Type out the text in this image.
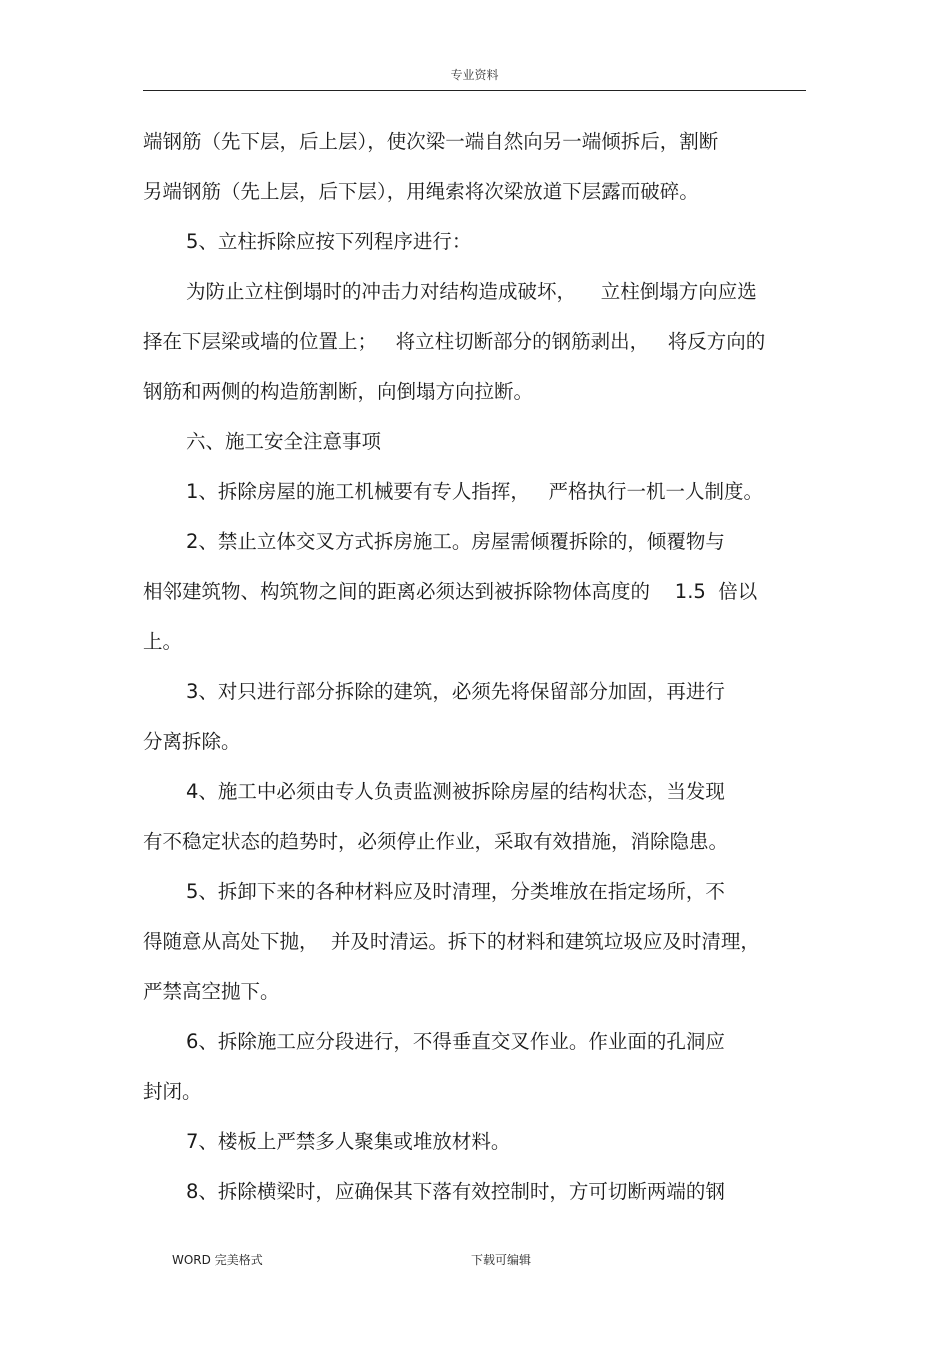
专业资料
端钢筋（先下层，后上层），使次梁一端自然向另一端倾拆后，割断
另端钢筋（先上层，后下层），用绳索将次梁放道下层露而破碎。
5、立柱拆除应按下列程序进行：
为防止立柱倒塌时的冲击力对结构造成破坏，    立柱倒塌方向应选
择在下层梁或墙的位置上；   将立柱切断部分的钢筋剥出，   将反方向的
钢筋和两侧的构造筋割断，向倒塌方向拉断。
六、施工安全注意事项
1、拆除房屋的施工机械要有专人指挥，   严格执行一机一人制度。
2、禁止立体交叉方式拆房施工。房屋需倾覆拆除的，倾覆物与
相邻建筑物、构筑物之间的距离必须达到被拆除物体高度的    1.5  倍以
上。
3、对只进行部分拆除的建筑，必须先将保留部分加固，再进行
分离拆除。
4、施工中必须由专人负责监测被拆除房屋的结构状态，当发现
有不稳定状态的趋势时，必须停止作业，采取有效措施，消除隐患。
5、拆卸下来的各种材料应及时清理，分类堆放在指定场所，不
得随意从高处下抛，  并及时清运。拆下的材料和建筑垃圾应及时清理，
严禁高空抛下。
6、拆除施工应分段进行，不得垂直交叉作业。作业面的孔洞应
封闭。
7、楼板上严禁多人聚集或堆放材料。
8、拆除横梁时，应确保其下落有效控制时，方可切断两端的钢
WORD 完美格式	下载可编辑
